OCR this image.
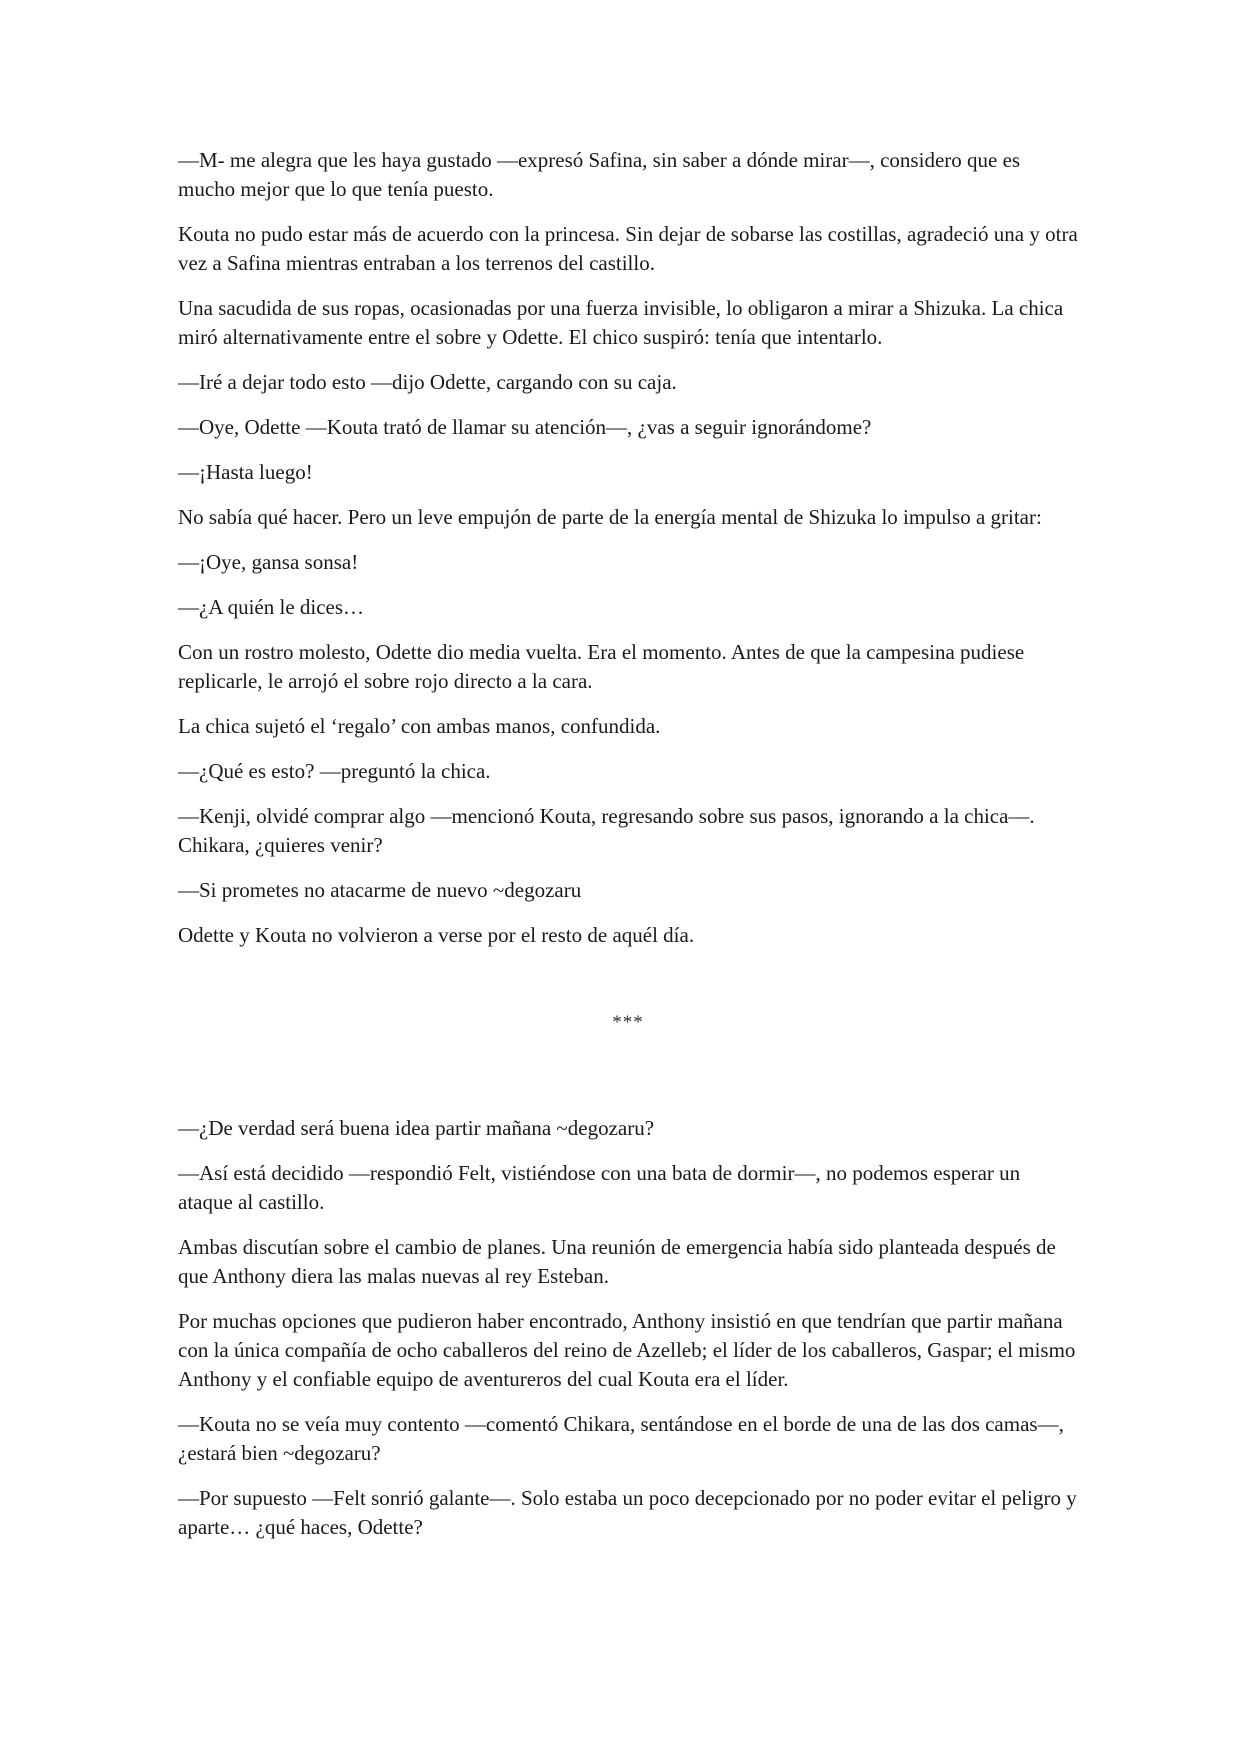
—M- me alegra que les haya gustado —expresó Safina, sin saber a dónde mirar—, considero que es mucho mejor que lo que tenía puesto.

Kouta no pudo estar más de acuerdo con la princesa. Sin dejar de sobarse las costillas, agradeció una y otra vez a Safina mientras entraban a los terrenos del castillo.

Una sacudida de sus ropas, ocasionadas por una fuerza invisible, lo obligaron a mirar a Shizuka. La chica miró alternativamente entre el sobre y Odette. El chico suspiró: tenía que intentarlo.

—Iré a dejar todo esto —dijo Odette, cargando con su caja.

—Oye, Odette —Kouta trató de llamar su atención—, ¿vas a seguir ignorándome?

—¡Hasta luego!

No sabía qué hacer. Pero un leve empujón de parte de la energía mental de Shizuka lo impulso a gritar:

—¡Oye, gansa sonsa!

—¿A quién le dices…

Con un rostro molesto, Odette dio media vuelta. Era el momento. Antes de que la campesina pudiese replicarle, le arrojó el sobre rojo directo a la cara.

La chica sujetó el ‘regalo’ con ambas manos, confundida.

—¿Qué es esto? —preguntó la chica.

—Kenji, olvidé comprar algo —mencionó Kouta, regresando sobre sus pasos, ignorando a la chica—. Chikara, ¿quieres venir?

—Si prometes no atacarme de nuevo ~degozaru

Odette y Kouta no volvieron a verse por el resto de aquél día.

***

—¿De verdad será buena idea partir mañana ~degozaru?

—Así está decidido —respondió Felt, vistiéndose con una bata de dormir—, no podemos esperar un ataque al castillo.

Ambas discutían sobre el cambio de planes. Una reunión de emergencia había sido planteada después de que Anthony diera las malas nuevas al rey Esteban.

Por muchas opciones que pudieron haber encontrado, Anthony insistió en que tendrían que partir mañana con la única compañía de ocho caballeros del reino de Azelleb; el líder de los caballeros, Gaspar; el mismo Anthony y el confiable equipo de aventureros del cual Kouta era el líder.

—Kouta no se veía muy contento —comentó Chikara, sentándose en el borde de una de las dos camas—, ¿estará bien ~degozaru?

—Por supuesto —Felt sonrió galante—. Solo estaba un poco decepcionado por no poder evitar el peligro y aparte… ¿qué haces, Odette?
